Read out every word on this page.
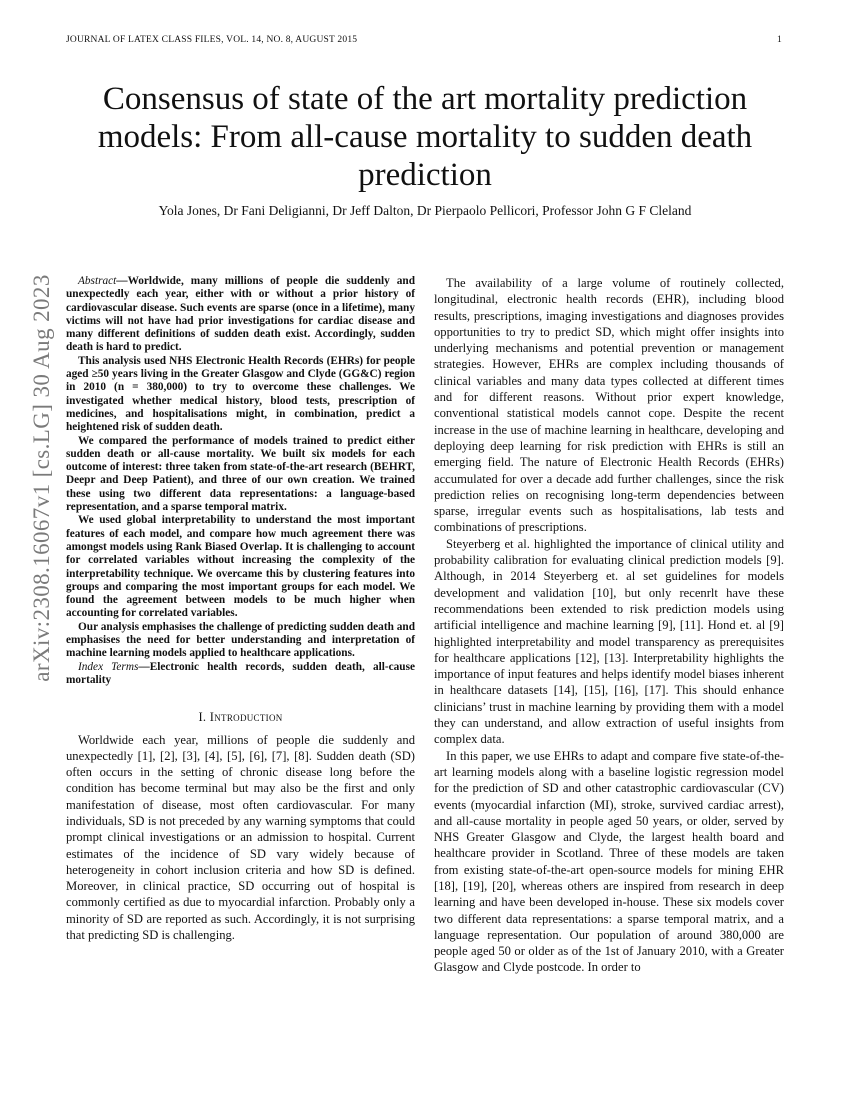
JOURNAL OF LATEX CLASS FILES, VOL. 14, NO. 8, AUGUST 2015	1
arXiv:2308.16067v1 [cs.LG] 30 Aug 2023
Consensus of state of the art mortality prediction models: From all-cause mortality to sudden death prediction
Yola Jones, Dr Fani Deligianni, Dr Jeff Dalton, Dr Pierpaolo Pellicori, Professor John G F Cleland

Abstract—Worldwide, many millions of people die suddenly and unexpectedly each year, either with or without a prior history of cardiovascular disease. Such events are sparse (once in a lifetime), many victims will not have had prior investigations for cardiac disease and many different definitions of sudden death exist. Accordingly, sudden death is hard to predict.

This analysis used NHS Electronic Health Records (EHRs) for people aged ≥50 years living in the Greater Glasgow and Clyde (GG&C) region in 2010 (n = 380,000) to try to overcome these challenges. We investigated whether medical history, blood tests, prescription of medicines, and hospitalisations might, in combination, predict a heightened risk of sudden death.

We compared the performance of models trained to predict either sudden death or all-cause mortality. We built six models for each outcome of interest: three taken from state-of-the-art research (BEHRT, Deepr and Deep Patient), and three of our own creation. We trained these using two different data representations: a language-based representation, and a sparse temporal matrix.

We used global interpretability to understand the most important features of each model, and compare how much agreement there was amongst models using Rank Biased Overlap. It is challenging to account for correlated variables without increasing the complexity of the interpretability technique. We overcame this by clustering features into groups and comparing the most important groups for each model. We found the agreement between models to be much higher when accounting for correlated variables.

Our analysis emphasises the challenge of predicting sudden death and emphasises the need for better understanding and interpretation of machine learning models applied to healthcare applications.

Index Terms—Electronic health records, sudden death, all-cause mortality

I. Introduction

Worldwide each year, millions of people die suddenly and unexpectedly [1], [2], [3], [4], [5], [6], [7], [8]. Sudden death (SD) often occurs in the setting of chronic disease long before the condition has become terminal but may also be the first and only manifestation of disease, most often cardiovascular. For many individuals, SD is not preceded by any warning symptoms that could prompt clinical investigations or an admission to hospital. Current estimates of the incidence of SD vary widely because of heterogeneity in cohort inclusion criteria and how SD is defined. Moreover, in clinical practice, SD occurring out of hospital is commonly certified as due to myocardial infarction. Probably only a minority of SD are reported as such. Accordingly, it is not surprising that predicting SD is challenging.

The availability of a large volume of routinely collected, longitudinal, electronic health records (EHR), including blood results, prescriptions, imaging investigations and diagnoses provides opportunities to try to predict SD, which might offer insights into underlying mechanisms and potential prevention or management strategies. However, EHRs are complex including thousands of clinical variables and many data types collected at different times and for different reasons. Without prior expert knowledge, conventional statistical models cannot cope. Despite the recent increase in the use of machine learning in healthcare, developing and deploying deep learning for risk prediction with EHRs is still an emerging field. The nature of Electronic Health Records (EHRs) accumulated for over a decade add further challenges, since the risk prediction relies on recognising long-term dependencies between sparse, irregular events such as hospitalisations, lab tests and combinations of prescriptions.

Steyerberg et al. highlighted the importance of clinical utility and probability calibration for evaluating clinical prediction models [9]. Although, in 2014 Steyerberg et. al set guidelines for models development and validation [10], but only recenrlt have these recommendations been extended to risk prediction models using artificial intelligence and machine learning [9], [11]. Hond et. al [9] highlighted interpretability and model transparency as prerequisites for healthcare applications [12], [13]. Interpretability highlights the importance of input features and helps identify model biases inherent in healthcare datasets [14], [15], [16], [17]. This should enhance clinicians’ trust in machine learning by providing them with a model they can understand, and allow extraction of useful insights from complex data.

In this paper, we use EHRs to adapt and compare five state-of-the-art learning models along with a baseline logistic regression model for the prediction of SD and other catastrophic cardiovascular (CV) events (myocardial infarction (MI), stroke, survived cardiac arrest), and all-cause mortality in people aged 50 years, or older, served by NHS Greater Glasgow and Clyde, the largest health board and healthcare provider in Scotland. Three of these models are taken from existing state-of-the-art open-source models for mining EHR [18], [19], [20], whereas others are inspired from research in deep learning and have been developed in-house. These six models cover two different data representations: a sparse temporal matrix, and a language representation. Our population of around 380,000 are people aged 50 or older as of the 1st of January 2010, with a Greater Glasgow and Clyde postcode. In order to
